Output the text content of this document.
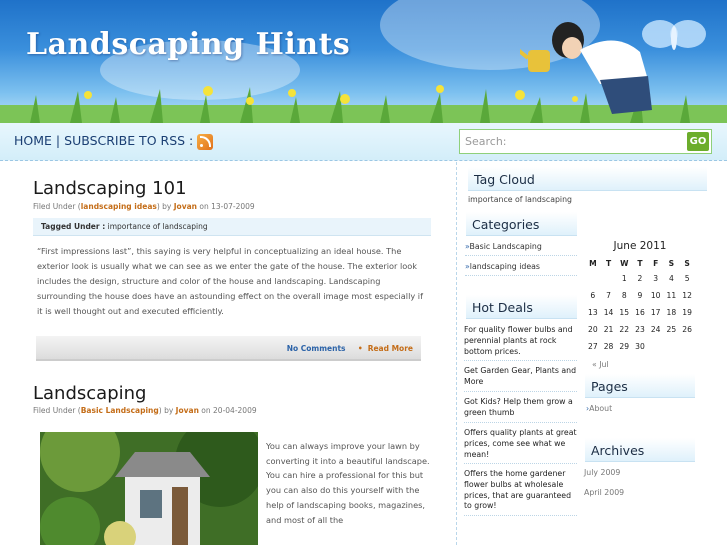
Landscaping Hints
HOME | SUBSCRIBE TO RSS :
Search:	GO
Landscaping 101
Filed Under (landscaping ideas) by Jovan on 13-07-2009
Tagged Under : importance of landscaping
“First impressions last”, this saying is very helpful in conceptualizing an ideal house. The exterior look is usually what we can see as we enter the gate of the house. The exterior look includes the design, structure and color of the house and landscaping. Landscaping surrounding the house does have an astounding effect on the overall image most especially if it is well thought out and executed efficiently.
No Comments	• Read More
Landscaping
Filed Under (Basic Landscaping) by Jovan on 20-04-2009
You can always improve your lawn by converting it into a beautiful landscape. You can hire a professional for this but you can also do this yourself with the help of landscaping books, magazines, and most of all the
Tag Cloud
importance of landscaping
Categories
» Basic Landscaping
» landscaping ideas
Hot Deals
For quality flower bulbs and perennial plants at rock bottom prices.
Get Garden Gear, Plants and More
Got Kids? Help them grow a green thumb
Offers quality plants at great prices, come see what we mean!
Offers the home gardener flower bulbs at wholesale prices, that are guaranteed to grow!
June 2011
M	T	W	T	F	S	S
		1	2	3	4	5
6	7	8	9	10	11	12
13	14	15	16	17	18	19
20	21	22	23	24	25	26
27	28	29	30			
« Jul
Pages
› About
Archives
July 2009
April 2009
